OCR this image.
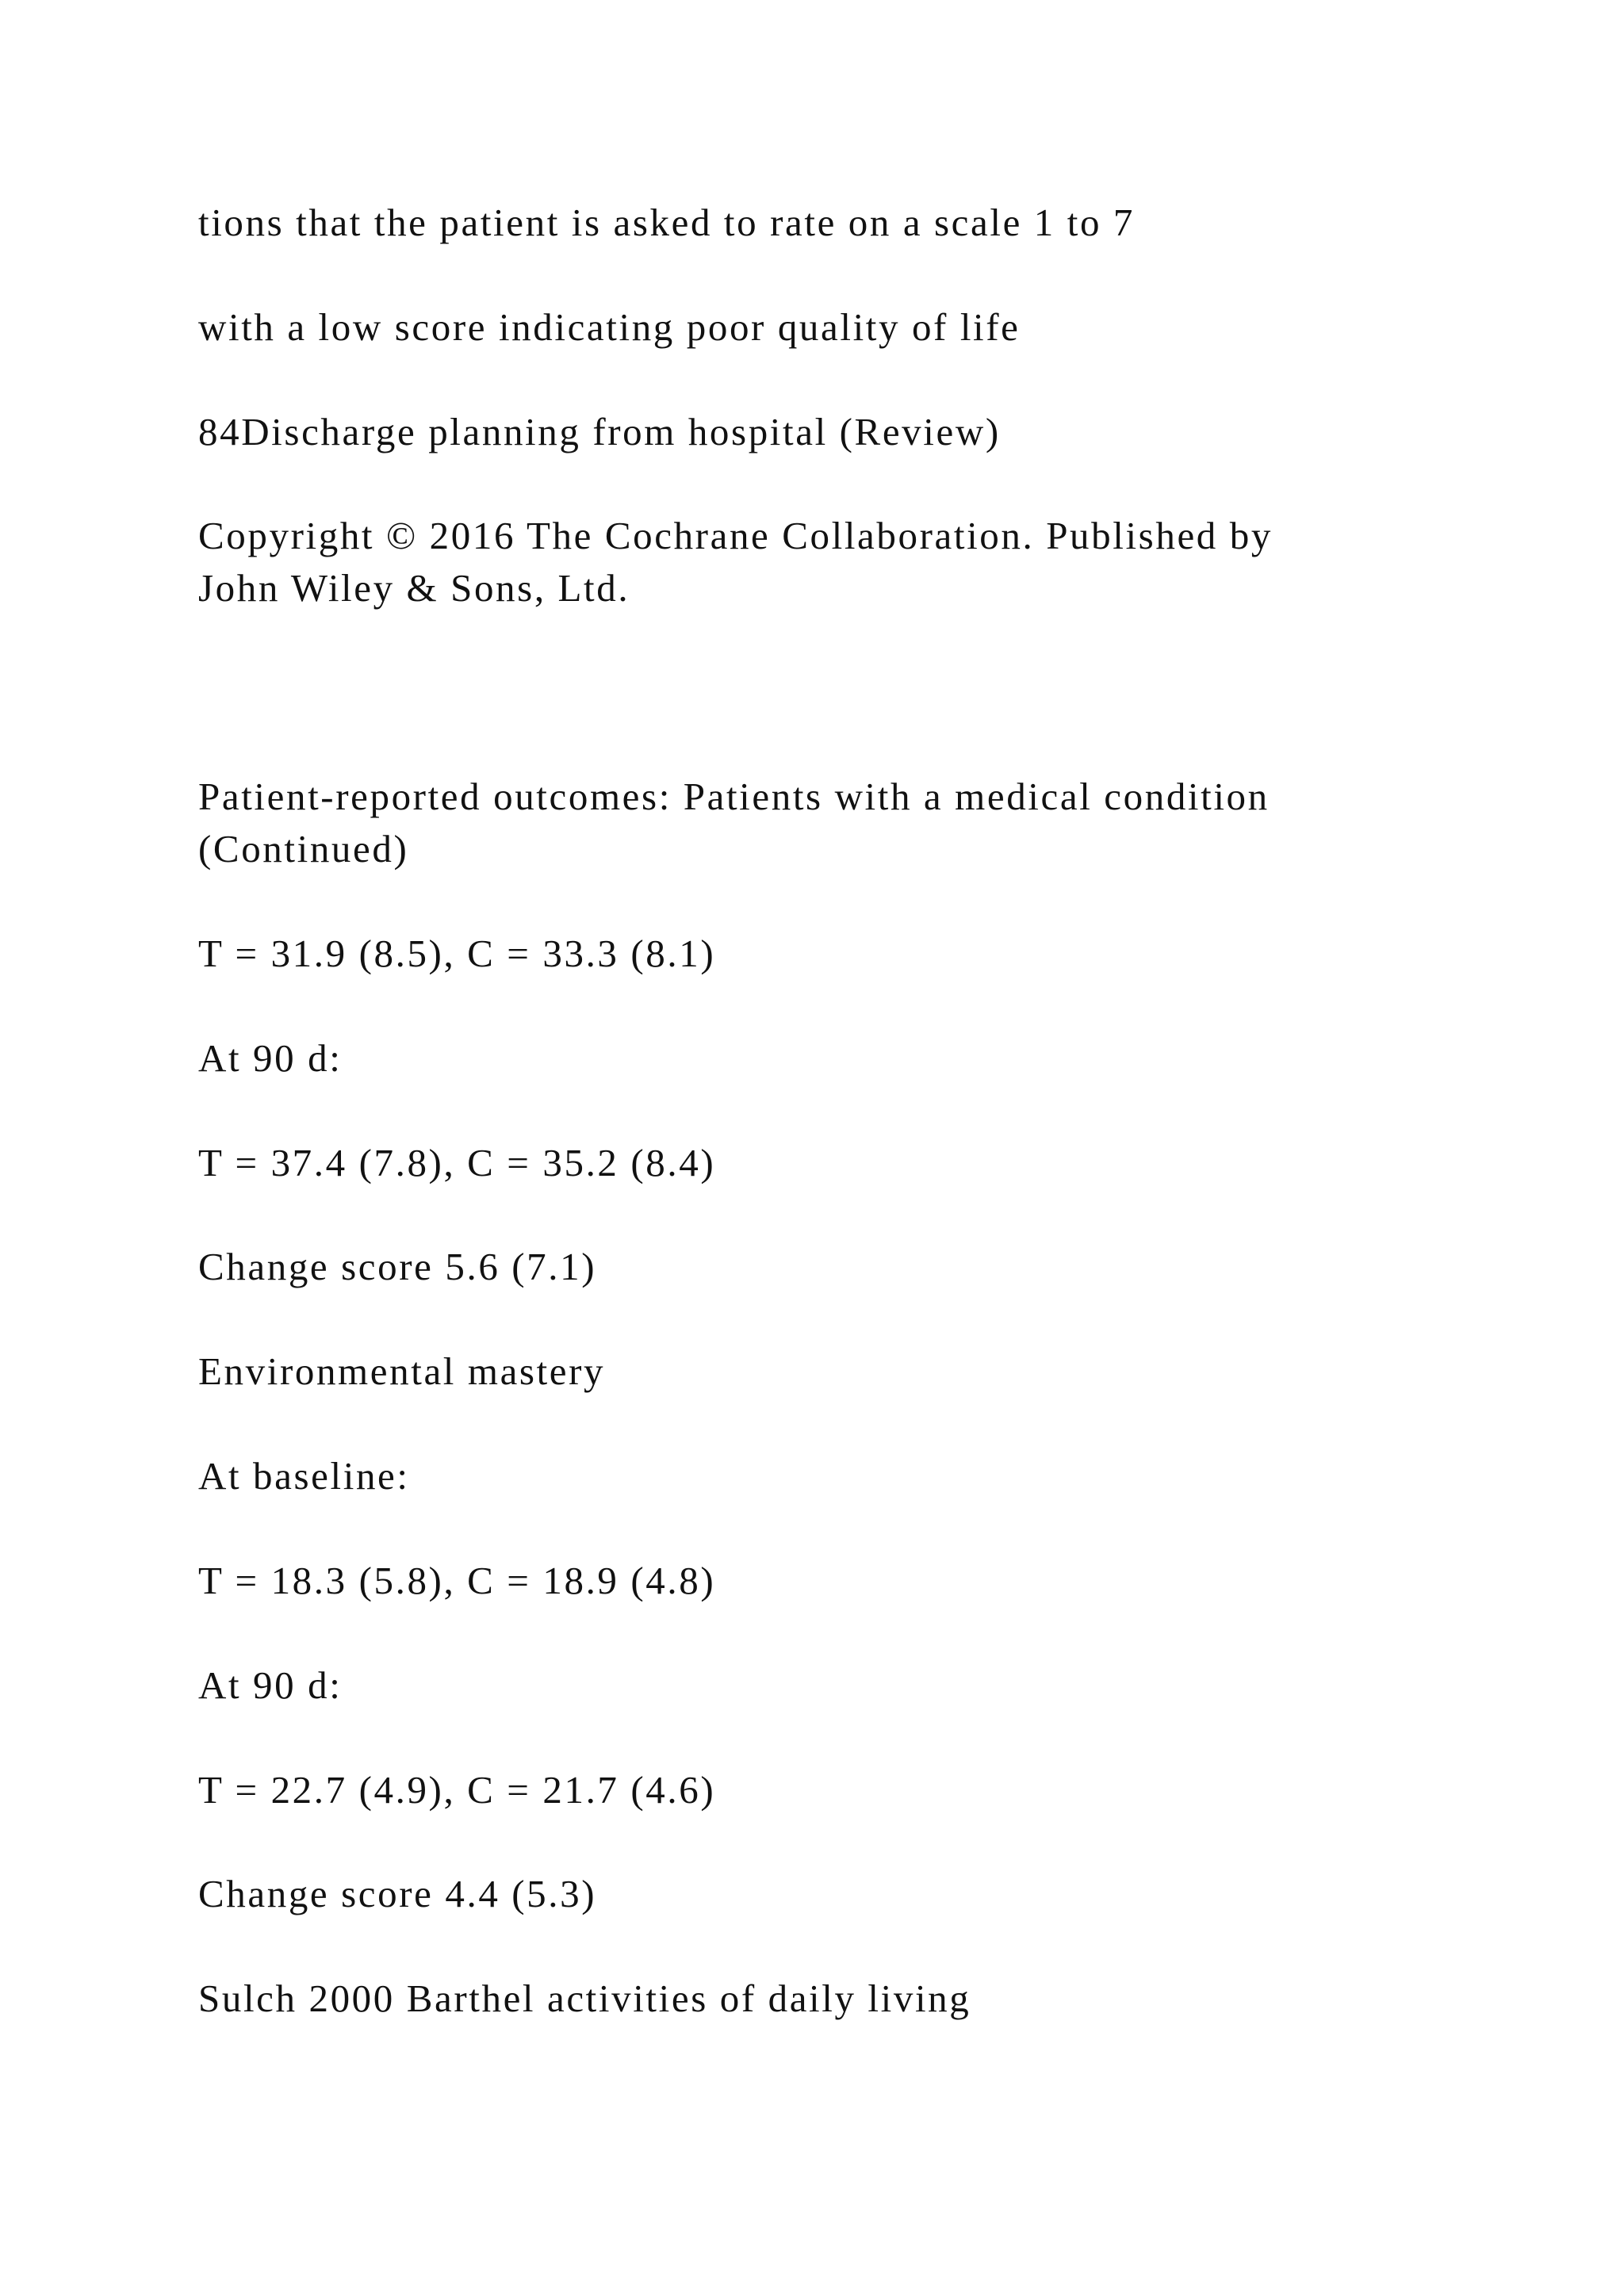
tions that the patient is asked to rate on a scale 1 to 7

with a low score indicating poor quality of life

84Discharge planning from hospital (Review)

Copyright © 2016 The Cochrane Collaboration. Published by

John Wiley & Sons, Ltd.

Patient-reported outcomes: Patients with a medical condition

(Continued)

T = 31.9 (8.5), C = 33.3 (8.1)

At 90 d:

T = 37.4 (7.8), C = 35.2 (8.4)

Change score 5.6 (7.1)

Environmental mastery

At baseline:

T = 18.3 (5.8), C = 18.9 (4.8)

At 90 d:

T = 22.7 (4.9), C = 21.7 (4.6)

Change score 4.4 (5.3)

Sulch 2000 Barthel activities of daily living
